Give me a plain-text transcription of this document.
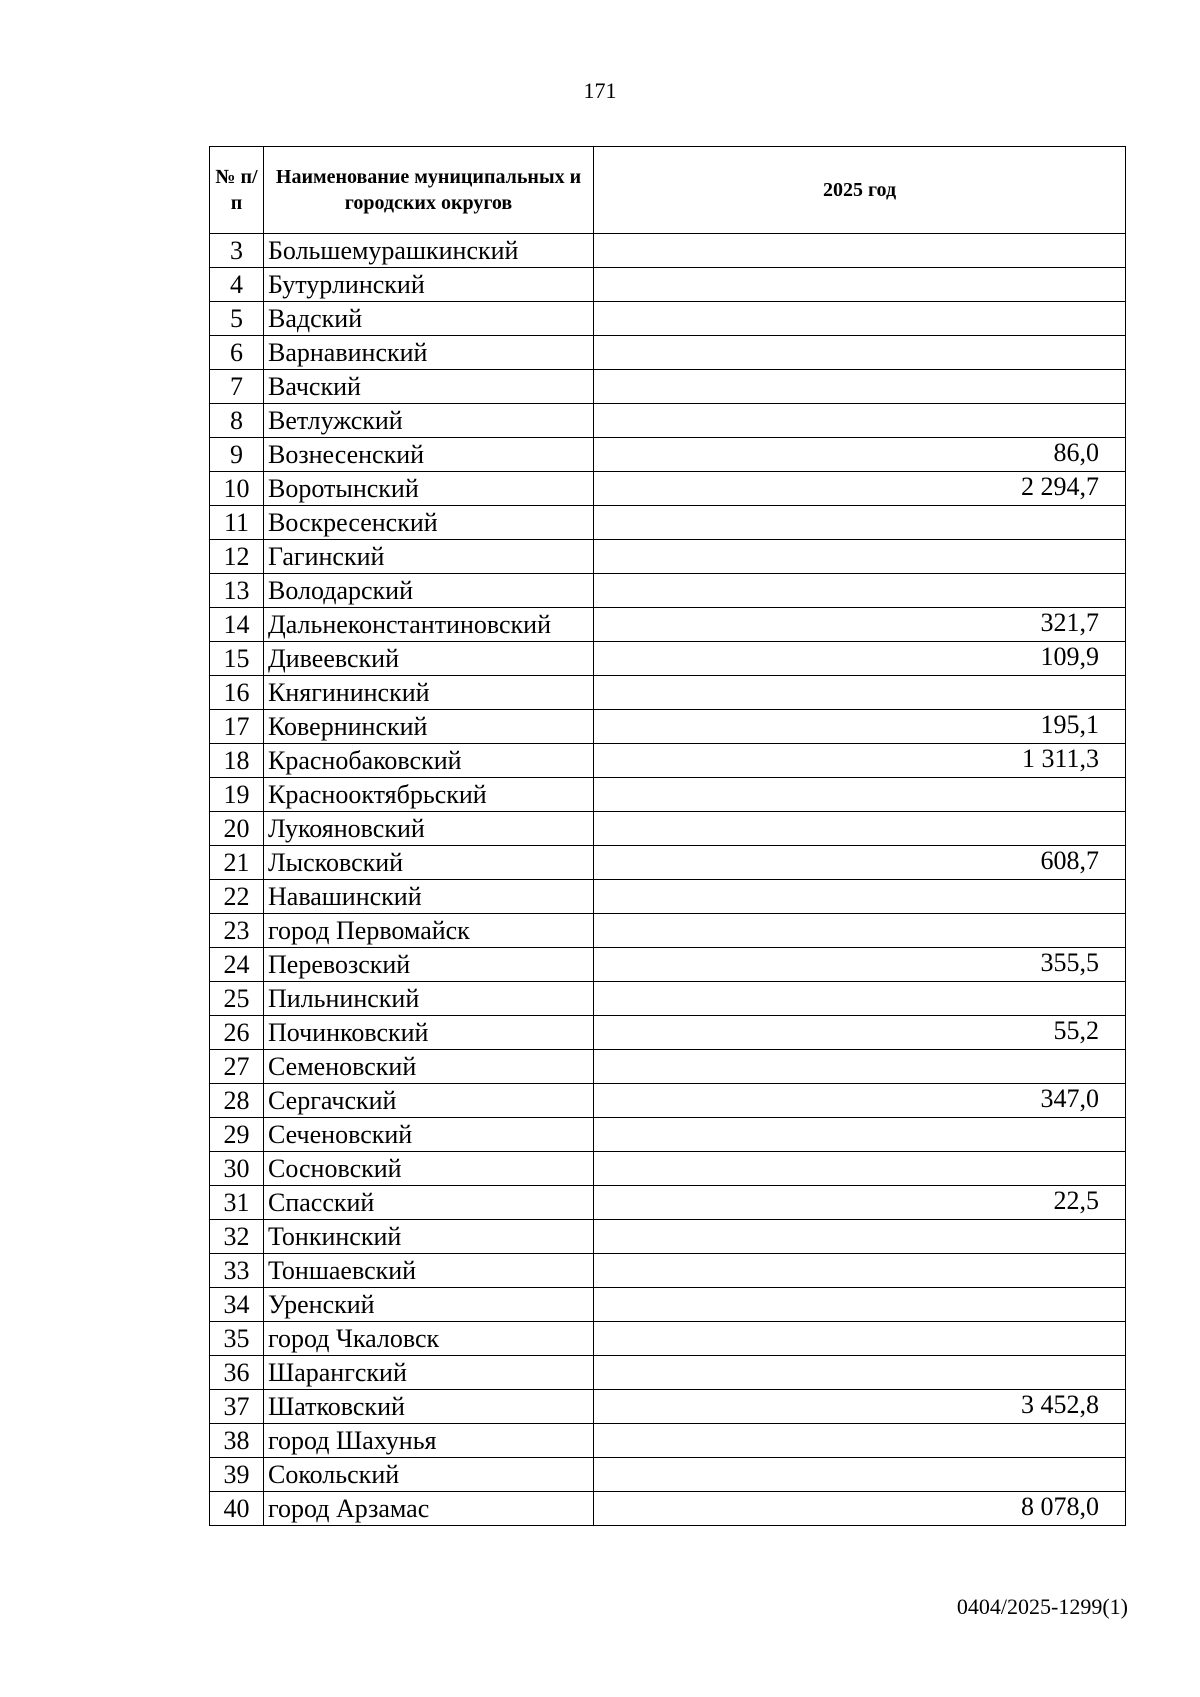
171
№ п/п	Наименование муниципальных и городских округов	2025 год
3	Большемурашкинский	
4	Бутурлинский	
5	Вадский	
6	Варнавинский	
7	Вачский	
8	Ветлужский	
9	Вознесенский	86,0
10	Воротынский	2 294,7
11	Воскресенский	
12	Гагинский	
13	Володарский	
14	Дальнеконстантиновский	321,7
15	Дивеевский	109,9
16	Княгининский	
17	Ковернинский	195,1
18	Краснобаковский	1 311,3
19	Краснооктябрьский	
20	Лукояновский	
21	Лысковский	608,7
22	Навашинский	
23	город Первомайск	
24	Перевозский	355,5
25	Пильнинский	
26	Починковский	55,2
27	Семеновский	
28	Сергачский	347,0
29	Сеченовский	
30	Сосновский	
31	Спасский	22,5
32	Тонкинский	
33	Тоншаевский	
34	Уренский	
35	город Чкаловск	
36	Шарангский	
37	Шатковский	3 452,8
38	город Шахунья	
39	Сокольский	
40	город Арзамас	8 078,0
0404/2025-1299(1)
